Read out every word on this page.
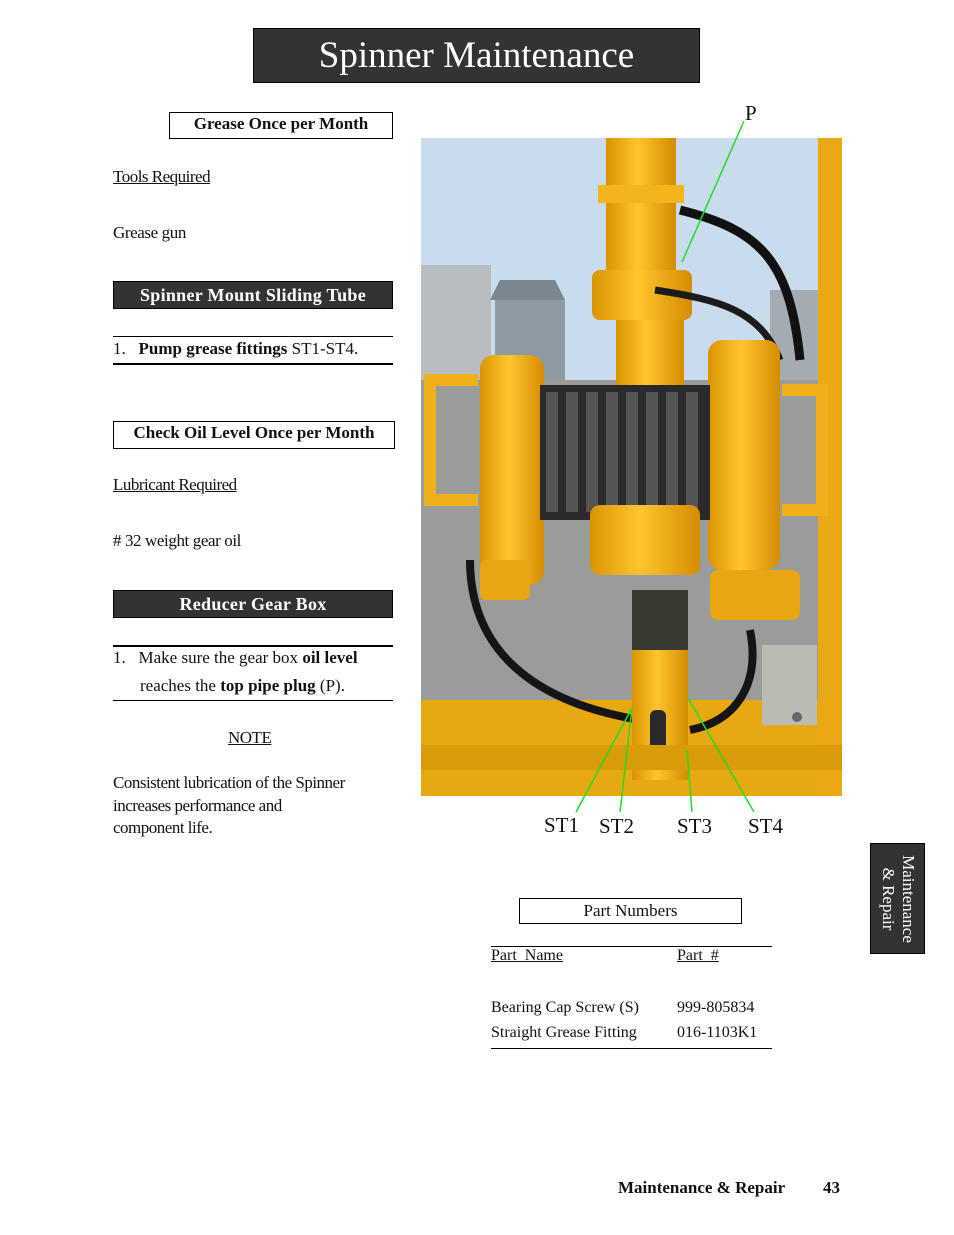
Spinner Maintenance
Grease Once per Month
Tools Required
Grease gun
Spinner Mount Sliding Tube
1. Pump grease fittings ST1-ST4.
Check Oil Level Once per Month
Lubricant Required
# 32 weight gear oil
Reducer Gear Box
1. Make sure the gear box oil level
reaches the top pipe plug (P).
NOTE
Consistent lubrication of the Spinner
increases performance and
component life.
P
ST1 ST2 ST3 ST4
Maintenance
& Repair
Part Numbers
Part  Name	Part  #
Bearing Cap Screw (S) 999-805834
Straight Grease Fitting	016-1103K1
Maintenance & Repair 43
